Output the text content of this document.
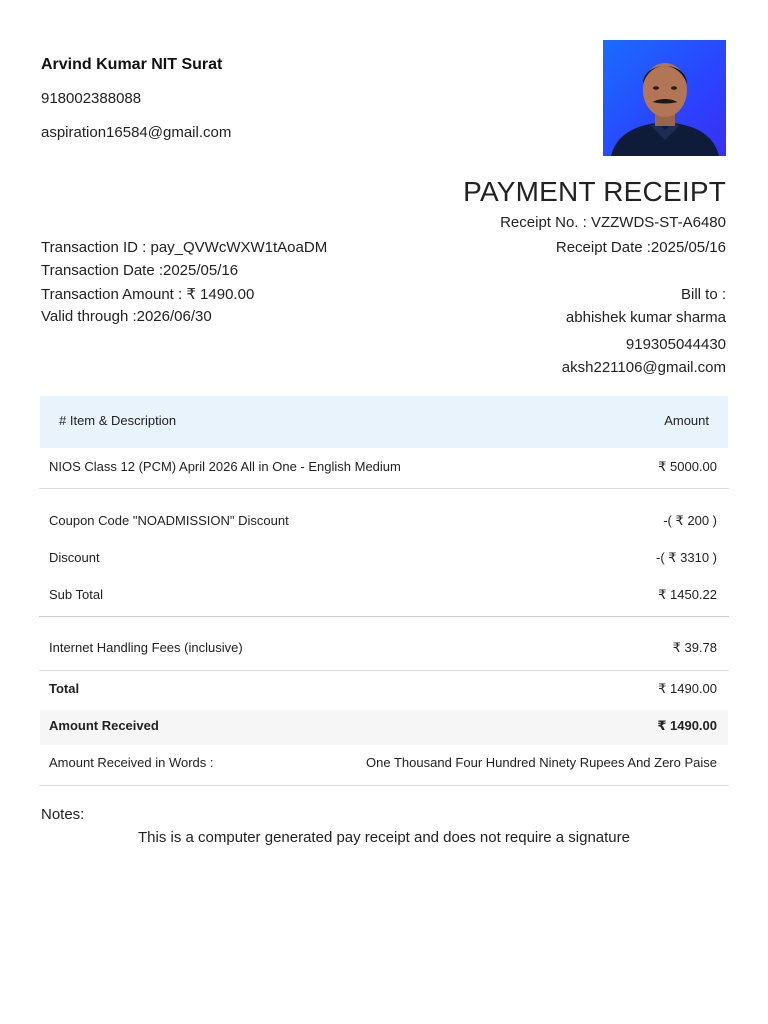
Arvind Kumar NIT Surat
918002388088
aspiration16584@gmail.com
PAYMENT RECEIPT
Receipt No. : VZZWDS-ST-A6480
Receipt Date :2025/05/16
Transaction ID : pay_QVWcWXW1tAoaDM
Transaction Date :2025/05/16
Transaction Amount : ₹ 1490.00
Valid through :2026/06/30
Bill to :
abhishek kumar sharma
919305044430
aksh221106@gmail.com
# Item & Description	Amount
NIOS Class 12 (PCM) April 2026 All in One - English Medium	₹ 5000.00
Coupon Code "NOADMISSION" Discount	-( ₹ 200 )
Discount	-( ₹ 3310 )
Sub Total	₹ 1450.22
Internet Handling Fees (inclusive)	₹ 39.78
Total	₹ 1490.00
Amount Received	₹ 1490.00
Amount Received in Words :	One Thousand Four Hundred Ninety Rupees And Zero Paise
Notes:
This is a computer generated pay receipt and does not require a signature
